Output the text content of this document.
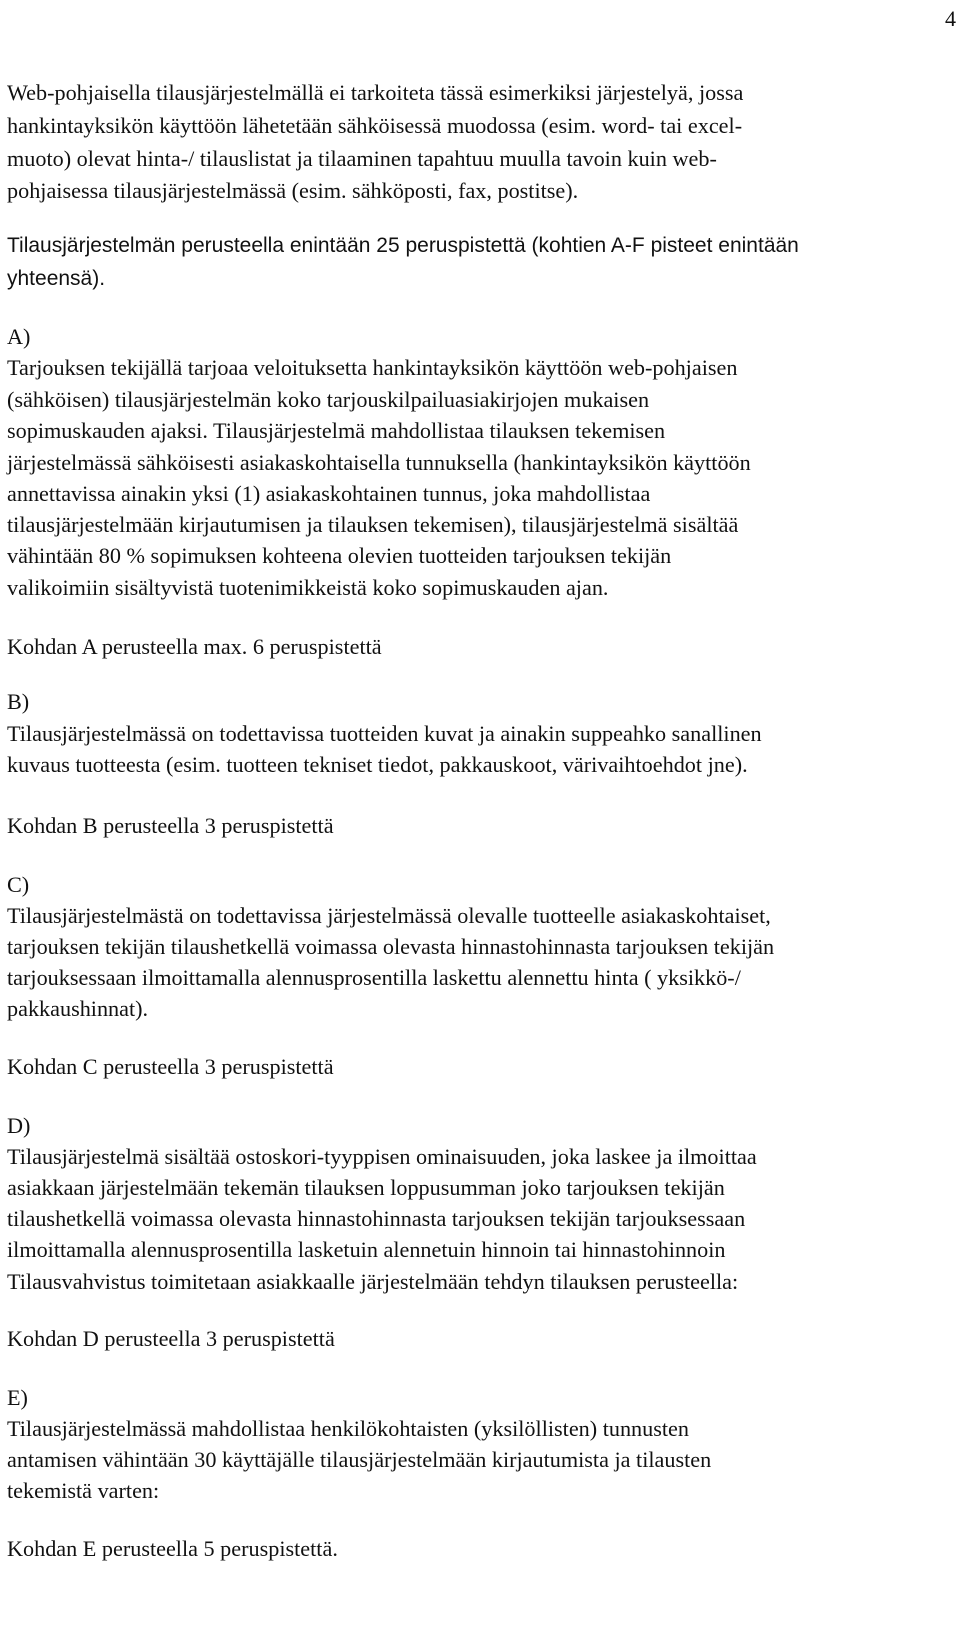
4
Web-pohjaisella tilausjärjestelmällä ei tarkoiteta tässä esimerkiksi järjestelyä, jossa
hankintayksikön käyttöön lähetetään sähköisessä muodossa (esim. word- tai excel-
muoto) olevat hinta-/ tilauslistat ja tilaaminen tapahtuu muulla tavoin kuin web-
pohjaisessa tilausjärjestelmässä (esim. sähköposti, fax, postitse).
Tilausjärjestelmän perusteella enintään 25 peruspistettä (kohtien A-F pisteet enintään
yhteensä).
A)
Tarjouksen tekijällä tarjoaa veloituksetta hankintayksikön käyttöön web-pohjaisen
(sähköisen) tilausjärjestelmän koko tarjouskilpailuasiakirjojen mukaisen
sopimuskauden ajaksi. Tilausjärjestelmä mahdollistaa tilauksen tekemisen
järjestelmässä sähköisesti asiakaskohtaisella tunnuksella (hankintayksikön käyttöön
annettavissa ainakin yksi (1) asiakaskohtainen tunnus, joka mahdollistaa
tilausjärjestelmään kirjautumisen ja tilauksen tekemisen), tilausjärjestelmä sisältää
vähintään 80 % sopimuksen kohteena olevien tuotteiden tarjouksen tekijän
valikoimiin sisältyvistä tuotenimikkeistä koko sopimuskauden ajan.
Kohdan A perusteella max. 6 peruspistettä
B)
Tilausjärjestelmässä on todettavissa tuotteiden kuvat ja ainakin suppeahko sanallinen
kuvaus tuotteesta (esim. tuotteen tekniset tiedot, pakkauskoot, värivaihtoehdot jne).
Kohdan B perusteella 3 peruspistettä
C)
Tilausjärjestelmästä on todettavissa järjestelmässä olevalle tuotteelle asiakaskohtaiset,
tarjouksen tekijän tilaushetkellä voimassa olevasta hinnastohinnasta tarjouksen tekijän
tarjouksessaan ilmoittamalla alennusprosentilla laskettu alennettu hinta ( yksikkö-/
pakkaushinnat).
Kohdan C perusteella 3 peruspistettä
D)
Tilausjärjestelmä sisältää ostoskori-tyyppisen ominaisuuden, joka laskee ja ilmoittaa
asiakkaan järjestelmään tekemän tilauksen loppusumman joko tarjouksen tekijän
tilaushetkellä voimassa olevasta hinnastohinnasta tarjouksen tekijän tarjouksessaan
ilmoittamalla alennusprosentilla lasketuin alennetuin hinnoin tai hinnastohinnoin
Tilausvahvistus toimitetaan asiakkaalle järjestelmään tehdyn tilauksen perusteella:
Kohdan D perusteella 3 peruspistettä
E)
Tilausjärjestelmässä mahdollistaa henkilökohtaisten (yksilöllisten) tunnusten
antamisen vähintään 30 käyttäjälle tilausjärjestelmään kirjautumista ja tilausten
tekemistä varten:
Kohdan E perusteella 5 peruspistettä.
